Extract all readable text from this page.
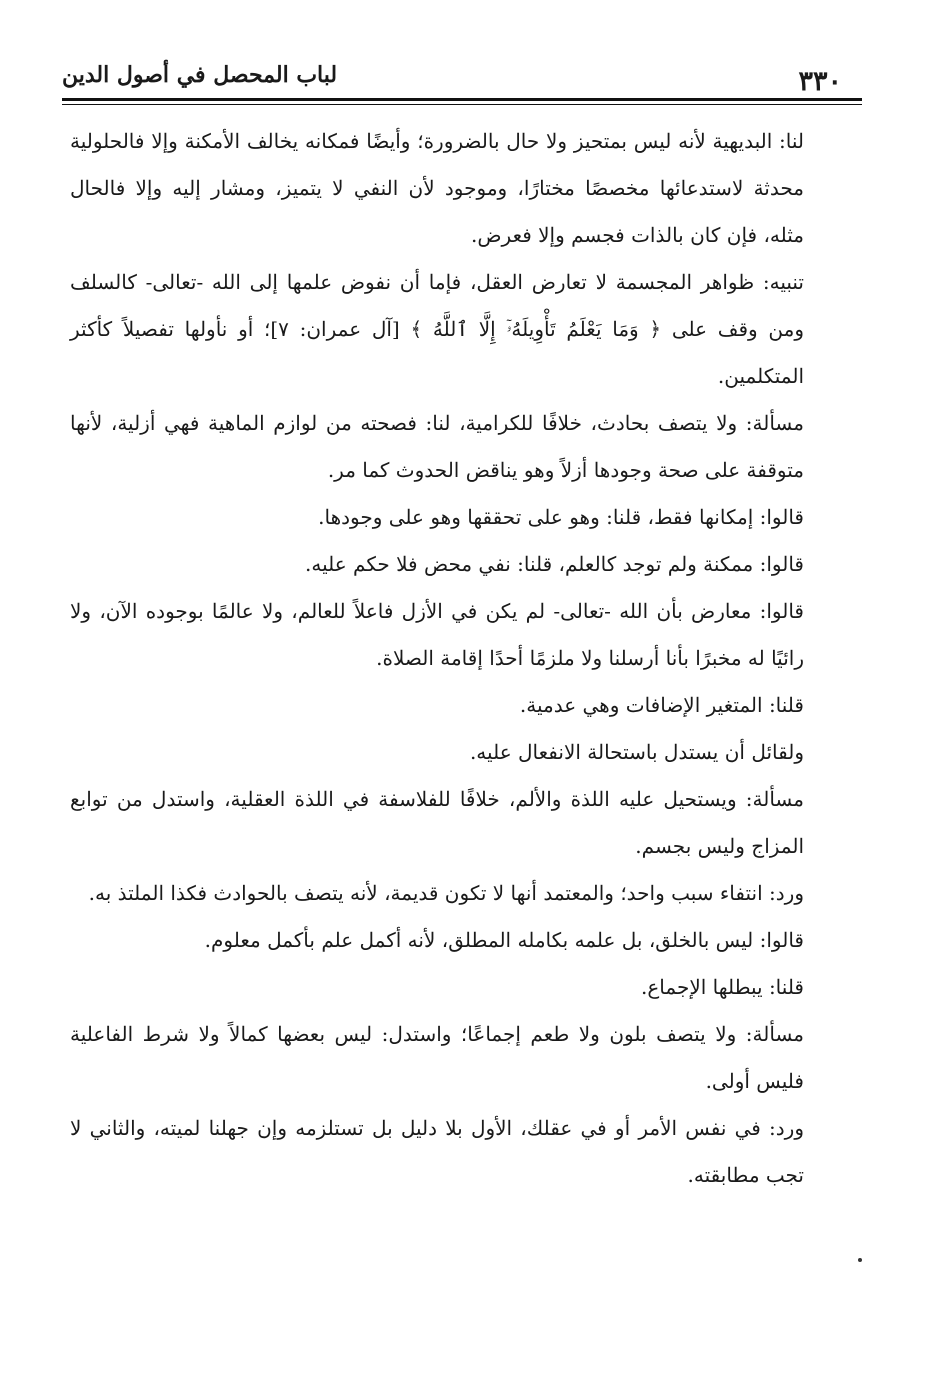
٣٣٠
لباب المحصل في أصول الدين

لنا: البديهية لأنه ليس بمتحيز ولا حال بالضرورة؛ وأيضًا فمكانه يخالف الأمكنة وإلا فالحلولية محدثة لاستدعائها مخصصًا مختارًا، وموجود لأن النفي لا يتميز، ومشار إليه وإلا فالحال مثله، فإن كان بالذات فجسم وإلا فعرض.

تنبيه: ظواهر المجسمة لا تعارض العقل، فإما أن نفوض علمها إلى الله -تعالى- كالسلف ومن وقف على ﴿ وَمَا يَعْلَمُ تَأْوِيلَهُۥٓ إِلَّا ٱللَّهُ ﴾ [آل عمران: ٧]؛ أو نأولها تفصيلاً كأكثر المتكلمين.

مسألة: ولا يتصف بحادث، خلافًا للكرامية، لنا: فصحته من لوازم الماهية فهي أزلية، لأنها متوقفة على صحة وجودها أزلاً وهو يناقض الحدوث كما مر.

قالوا: إمكانها فقط، قلنا: وهو على تحققها وهو على وجودها.

قالوا: ممكنة ولم توجد كالعلم، قلنا: نفي محض فلا حكم عليه.

قالوا: معارض بأن الله -تعالى- لم يكن في الأزل فاعلاً للعالم، ولا عالمًا بوجوده الآن، ولا رائيًا له مخبرًا بأنا أرسلنا ولا ملزمًا أحدًا إقامة الصلاة.

قلنا: المتغير الإضافات وهي عدمية.

ولقائل أن يستدل باستحالة الانفعال عليه.

مسألة: ويستحيل عليه اللذة والألم، خلافًا للفلاسفة في اللذة العقلية، واستدل من توابع المزاج وليس بجسم.

ورد: انتفاء سبب واحد؛ والمعتمد أنها لا تكون قديمة، لأنه يتصف بالحوادث فكذا الملتذ به.

قالوا: ليس بالخلق، بل علمه بكامله المطلق، لأنه أكمل علم بأكمل معلوم.

قلنا: يبطلها الإجماع.

مسألة: ولا يتصف بلون ولا طعم إجماعًا؛ واستدل: ليس بعضها كمالاً ولا شرط الفاعلية فليس أولى.

ورد: في نفس الأمر أو في عقلك، الأول بلا دليل بل تستلزمه وإن جهلنا لميته، والثاني لا تجب مطابقته.
